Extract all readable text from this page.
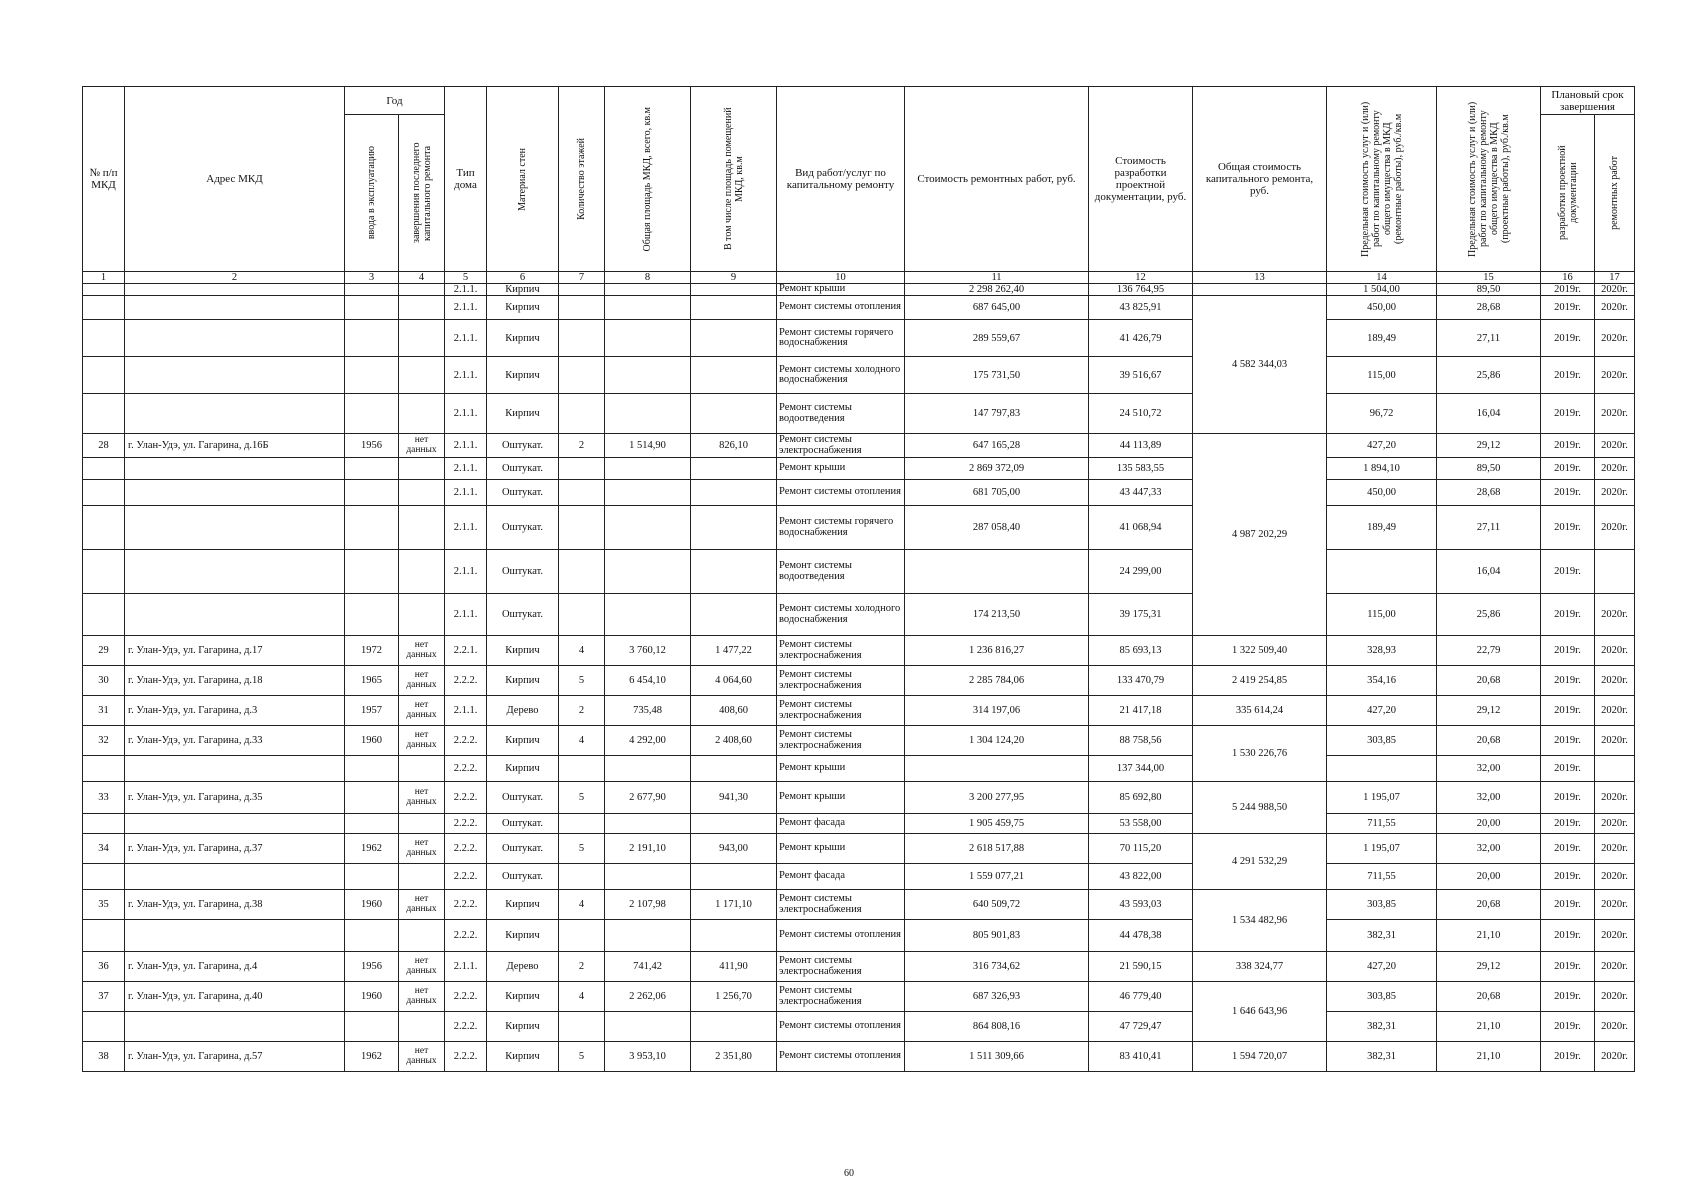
№ п/п МКД	Адрес МКД	Год		Тип дома	Материал стен	Количество этажей	Общая площадь МКД, всего, кв.м	В том числе площадь помещений МКД, кв.м	Вид работ/услуг по капитальному ремонту	Стоимость ремонтных работ, руб.	Стоимость разработки проектной документации, руб.	Общая стоимость капитального ремонта, руб.	Предельная стоимость услуг и (или) работ по капитальному ремонту общего имущества в МКД (ремонтные работы), руб./кв.м	Предельная стоимость услуг и (или) работ по капитальному ремонту общего имущества в МКД (проектные работы), руб./кв.м	Плановый срок завершения	

		ввода в эксплуатацию	завершения последнего капитального ремонта												разработки проектной документации	ремонтных работ

1	2	3	4	5	6	7	8	9	10	11	12	13	14	15	16	17
				2.1.1.	Кирпич				Ремонт крыши	2 298 262,40	136 764,95		1 504,00	89,50	2019г.	2020г.
				2.1.1.	Кирпич				Ремонт системы отопления	687 645,00	43 825,91	4 582 344,03	450,00	28,68	2019г.	2020г.
				2.1.1.	Кирпич				Ремонт системы горячего водоснабжения	289 559,67	41 426,79		189,49	27,11	2019г.	2020г.
				2.1.1.	Кирпич				Ремонт системы холодного водоснабжения	175 731,50	39 516,67		115,00	25,86	2019г.	2020г.
				2.1.1.	Кирпич				Ремонт системы водоотведения	147 797,83	24 510,72		96,72	16,04	2019г.	2020г.
28	г. Улан-Удэ, ул. Гагарина, д.16Б	1956	нет данных	2.1.1.	Оштукат.	2	1 514,90	826,10	Ремонт системы электроснабжения	647 165,28	44 113,89	4 987 202,29	427,20	29,12	2019г.	2020г.
				2.1.1.	Оштукат.				Ремонт крыши	2 869 372,09	135 583,55		1 894,10	89,50	2019г.	2020г.
				2.1.1.	Оштукат.				Ремонт системы отопления	681 705,00	43 447,33		450,00	28,68	2019г.	2020г.
				2.1.1.	Оштукат.				Ремонт системы горячего водоснабжения	287 058,40	41 068,94		189,49	27,11	2019г.	2020г.
				2.1.1.	Оштукат.				Ремонт системы водоотведения		24 299,00			16,04	2019г.	
				2.1.1.	Оштукат.				Ремонт системы холодного водоснабжения	174 213,50	39 175,31		115,00	25,86	2019г.	2020г.
29	г. Улан-Удэ, ул. Гагарина, д.17	1972	нет данных	2.2.1.	Кирпич	4	3 760,12	1 477,22	Ремонт системы электроснабжения	1 236 816,27	85 693,13	1 322 509,40	328,93	22,79	2019г.	2020г.
30	г. Улан-Удэ, ул. Гагарина, д.18	1965	нет данных	2.2.2.	Кирпич	5	6 454,10	4 064,60	Ремонт системы электроснабжения	2 285 784,06	133 470,79	2 419 254,85	354,16	20,68	2019г.	2020г.
31	г. Улан-Удэ, ул. Гагарина, д.3	1957	нет данных	2.1.1.	Дерево	2	735,48	408,60	Ремонт системы электроснабжения	314 197,06	21 417,18	335 614,24	427,20	29,12	2019г.	2020г.
32	г. Улан-Удэ, ул. Гагарина, д.33	1960	нет данных	2.2.2.	Кирпич	4	4 292,00	2 408,60	Ремонт системы электроснабжения	1 304 124,20	88 758,56	1 530 226,76	303,85	20,68	2019г.	2020г.
				2.2.2.	Кирпич				Ремонт крыши		137 344,00			32,00	2019г.	
33	г. Улан-Удэ, ул. Гагарина, д.35		нет данных	2.2.2.	Оштукат.	5	2 677,90	941,30	Ремонт крыши	3 200 277,95	85 692,80	5 244 988,50	1 195,07	32,00	2019г.	2020г.
				2.2.2.	Оштукат.				Ремонт фасада	1 905 459,75	53 558,00		711,55	20,00	2019г.	2020г.
34	г. Улан-Удэ, ул. Гагарина, д.37	1962	нет данных	2.2.2.	Оштукат.	5	2 191,10	943,00	Ремонт крыши	2 618 517,88	70 115,20	4 291 532,29	1 195,07	32,00	2019г.	2020г.
				2.2.2.	Оштукат.				Ремонт фасада	1 559 077,21	43 822,00		711,55	20,00	2019г.	2020г.
35	г. Улан-Удэ, ул. Гагарина, д.38	1960	нет данных	2.2.2.	Кирпич	4	2 107,98	1 171,10	Ремонт системы электроснабжения	640 509,72	43 593,03	1 534 482,96	303,85	20,68	2019г.	2020г.
				2.2.2.	Кирпич				Ремонт системы отопления	805 901,83	44 478,38		382,31	21,10	2019г.	2020г.
36	г. Улан-Удэ, ул. Гагарина, д.4	1956	нет данных	2.1.1.	Дерево	2	741,42	411,90	Ремонт системы электроснабжения	316 734,62	21 590,15	338 324,77	427,20	29,12	2019г.	2020г.
37	г. Улан-Удэ, ул. Гагарина, д.40	1960	нет данных	2.2.2.	Кирпич	4	2 262,06	1 256,70	Ремонт системы электроснабжения	687 326,93	46 779,40	1 646 643,96	303,85	20,68	2019г.	2020г.
				2.2.2.	Кирпич				Ремонт системы отопления	864 808,16	47 729,47		382,31	21,10	2019г.	2020г.
38	г. Улан-Удэ, ул. Гагарина, д.57	1962	нет данных	2.2.2.	Кирпич	5	3 953,10	2 351,80	Ремонт системы отопления	1 511 309,66	83 410,41	1 594 720,07	382,31	21,10	2019г.	2020г.
60
